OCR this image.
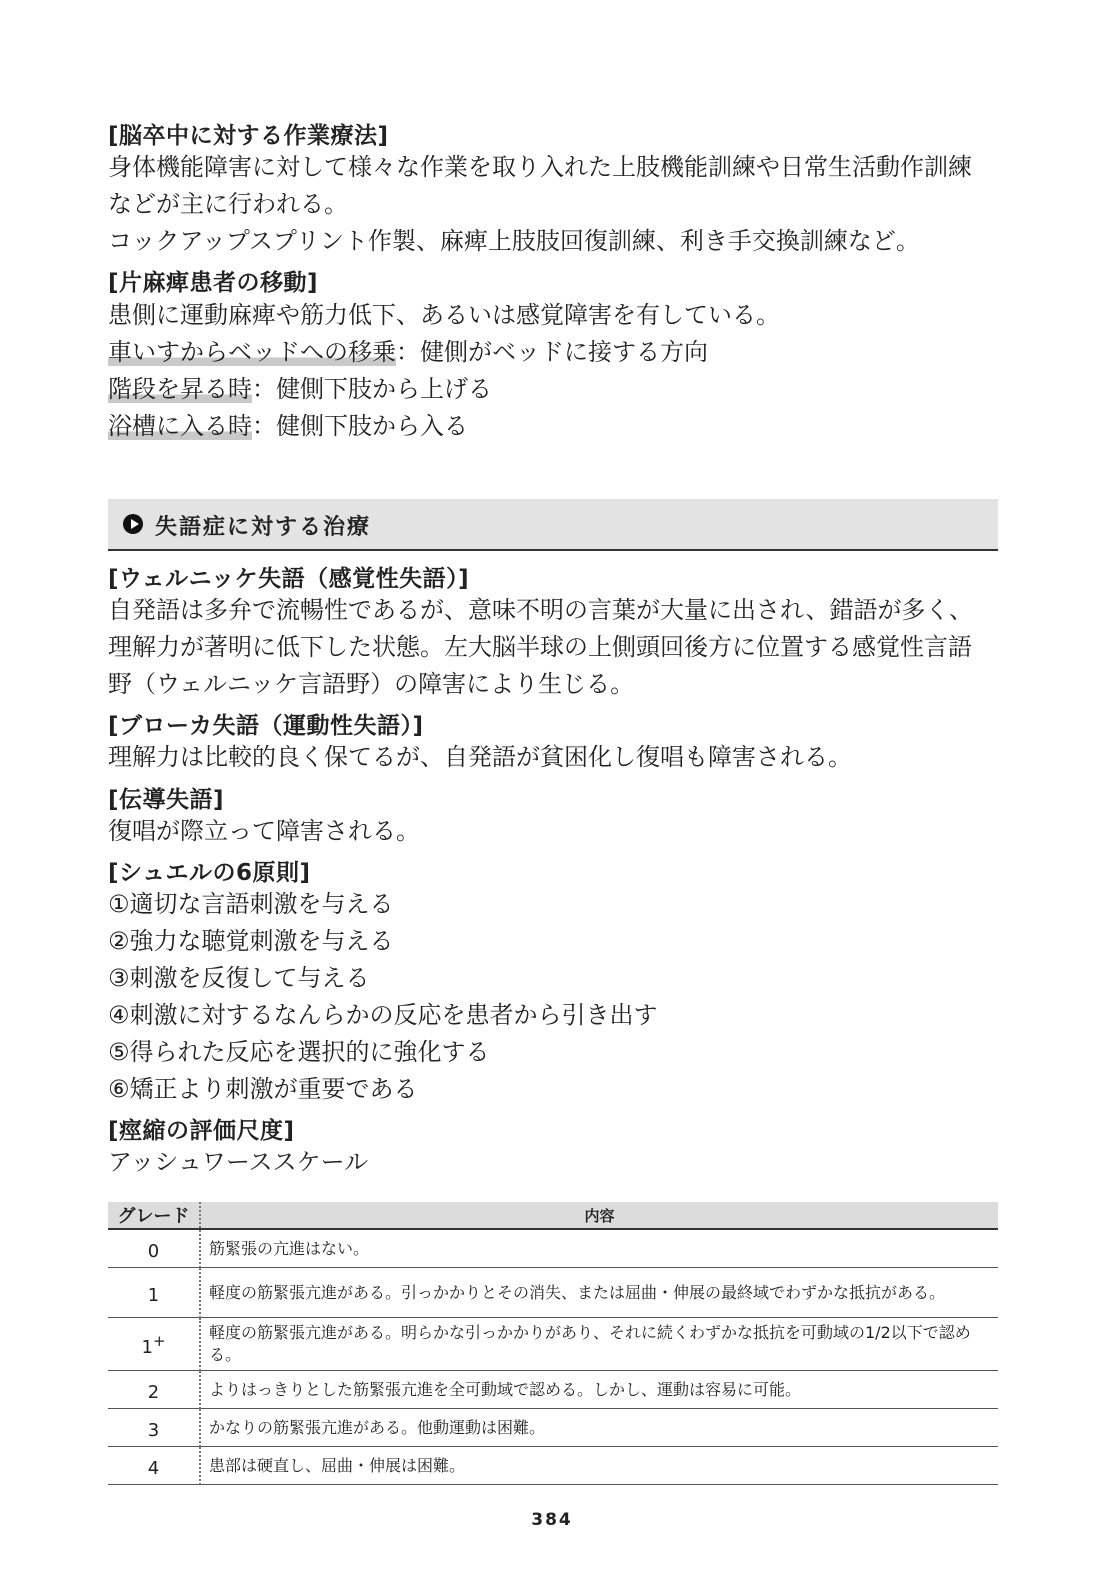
[脳卒中に対する作業療法]

身体機能障害に対して様々な作業を取り入れた上肢機能訓練や日常生活動作訓練

などが主に行われる。

コックアップスプリント作製、麻痺上肢肢回復訓練、利き手交換訓練など。

[片麻痺患者の移動]

患側に運動麻痺や筋力低下、あるいは感覚障害を有している。

車いすからベッドへの移乗：健側がベッドに接する方向

階段を昇る時：健側下肢から上げる

浴槽に入る時：健側下肢から入る

失語症に対する治療

[ウェルニッケ失語（感覚性失語）]

自発語は多弁で流暢性であるが、意味不明の言葉が大量に出され、錯語が多く、

理解力が著明に低下した状態。左大脳半球の上側頭回後方に位置する感覚性言語

野（ウェルニッケ言語野）の障害により生じる。

[ブローカ失語（運動性失語）]

理解力は比較的良く保てるが、自発語が貧困化し復唱も障害される。

[伝導失語]

復唱が際立って障害される。

[シュエルの6原則]

①適切な言語刺激を与える

②強力な聴覚刺激を与える

③刺激を反復して与える

④刺激に対するなんらかの反応を患者から引き出す

⑤得られた反応を選択的に強化する

⑥矯正より刺激が重要である

[痙縮の評価尺度]

アッシュワーススケール

グレード	内容
0	筋緊張の亢進はない。
1	軽度の筋緊張亢進がある。引っかかりとその消失、または屈曲・伸展の最終域でわずかな抵抗がある。
1+	軽度の筋緊張亢進がある。明らかな引っかかりがあり、それに続くわずかな抵抗を可動域の1/2以下で認める。
2	よりはっきりとした筋緊張亢進を全可動域で認める。しかし、運動は容易に可能。
3	かなりの筋緊張亢進がある。他動運動は困難。
4	患部は硬直し、屈曲・伸展は困難。
384
